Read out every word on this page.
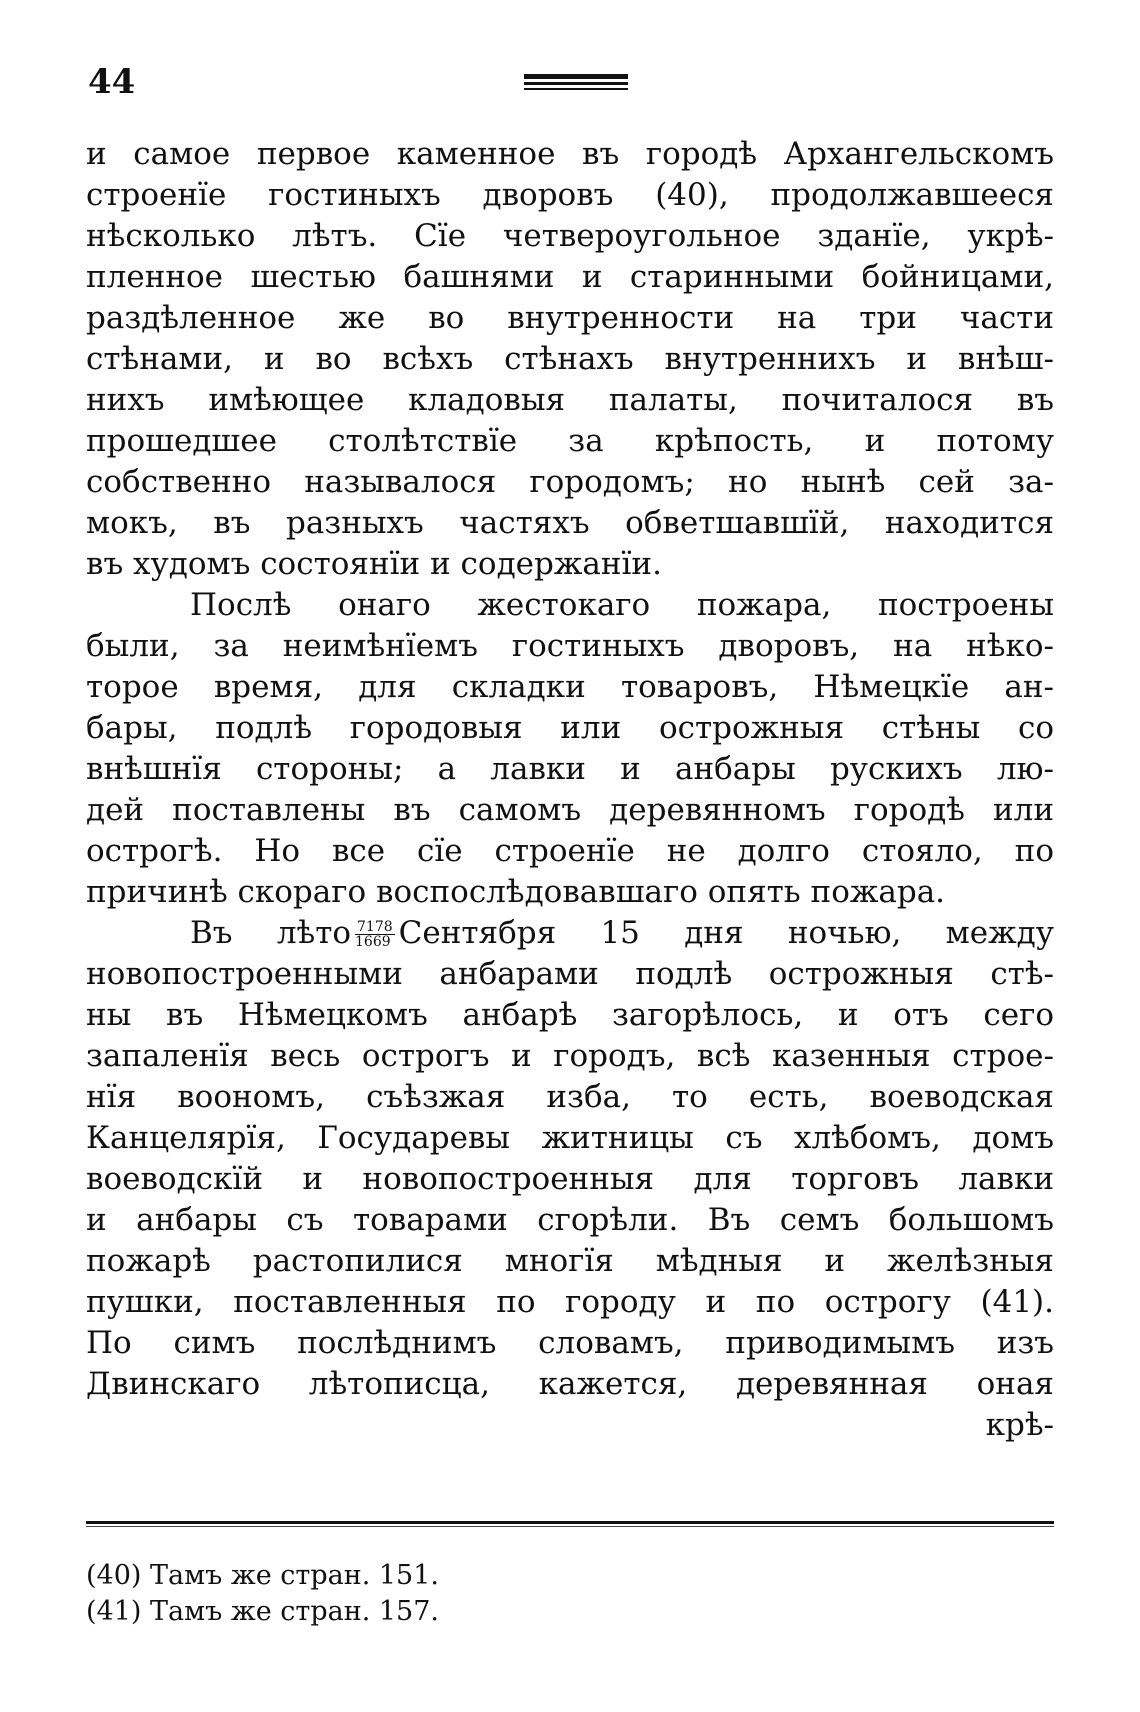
44
и самое первое каменное въ городѣ Архангельскомъ
строенїе гостиныхъ дворовъ (40), продолжавшееся
нѣсколько лѣтъ. Сїе четвероугольное зданїе, укрѣ-
пленное шестью башнями и старинными бойницами,
раздѣленное же во внутренности на три части
стѣнами, и во всѣхъ стѣнахъ внутреннихъ и внѣш-
нихъ имѣющее кладовыя палаты, почиталося въ
прошедшее столѣтствїе за крѣпость, и потому
собственно называлося городомъ; но нынѣ сей за-
мокъ, въ разныхъ частяхъ обветшавшїй, находится
въ худомъ состоянїи и содержанїи.
Послѣ онаго жестокаго пожара, построены
были, за неимѣнїемъ гостиныхъ дворовъ, на нѣко-
торое время, для складки товаровъ, Нѣмецкїе ан-
бары, подлѣ городовыя или острожныя стѣны со
внѣшнїя стороны; а лавки и анбары рускихъ лю-
дей поставлены въ самомъ деревянномъ городѣ или
острогѣ. Но все сїе строенїе не долго стояло, по
причинѣ скораго воспослѣдовавшаго опять пожара.
Въ лѣто $\frac{7178}{1669}$ Сентября 15 дня ночью, между
новопостроенными анбарами подлѣ острожныя стѣ-
ны въ Нѣмецкомъ анбарѣ загорѣлось, и отъ сего
запаленїя весь острогъ и городъ, всѣ казенныя строе-
нїя воономъ, съѣзжая изба, то есть, воеводская
Канцелярїя, Государевы житницы съ хлѣбомъ, домъ
воеводскїй и новопостроенныя для торговъ лавки
и анбары съ товарами сгорѣли. Въ семъ большомъ
пожарѣ растопилися многїя мѣдныя и желѣзныя
пушки, поставленныя по городу и по острогу (41).
По симъ послѣднимъ словамъ, приводимымъ изъ
Двинскаго лѣтописца, кажется, деревянная оная
крѣ-
(40) Тамъ же стран. 151.
(41) Тамъ же стран. 157.
